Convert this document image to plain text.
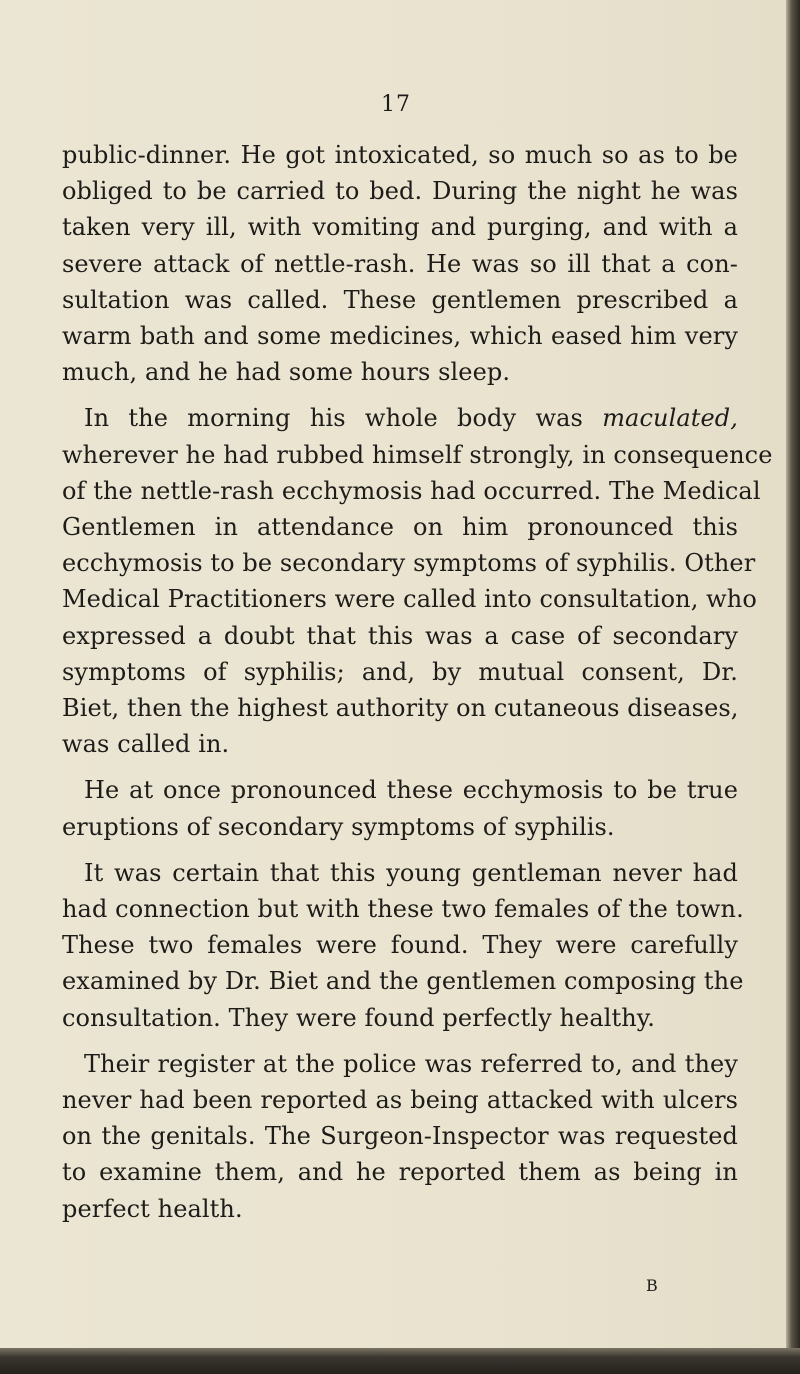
17
public-dinner. He got intoxicated, so much so as to be
obliged to be carried to bed. During the night he was
taken very ill, with vomiting and purging, and with a
severe attack of nettle-rash. He was so ill that a con-
sultation was called. These gentlemen prescribed a
warm bath and some medicines, which eased him very
much, and he had some hours sleep.
In the morning his whole body was maculated,
wherever he had rubbed himself strongly, in consequence
of the nettle-rash ecchymosis had occurred. The Medical
Gentlemen in attendance on him pronounced this
ecchymosis to be secondary symptoms of syphilis. Other
Medical Practitioners were called into consultation, who
expressed a doubt that this was a case of secondary
symptoms of syphilis; and, by mutual consent, Dr.
Biet, then the highest authority on cutaneous diseases,
was called in.
He at once pronounced these ecchymosis to be true
eruptions of secondary symptoms of syphilis.
It was certain that this young gentleman never had
had connection but with these two females of the town.
These two females were found. They were carefully
examined by Dr. Biet and the gentlemen composing the
consultation. They were found perfectly healthy.
Their register at the police was referred to, and they
never had been reported as being attacked with ulcers
on the genitals. The Surgeon-Inspector was requested
to examine them, and he reported them as being in
perfect health.
B
